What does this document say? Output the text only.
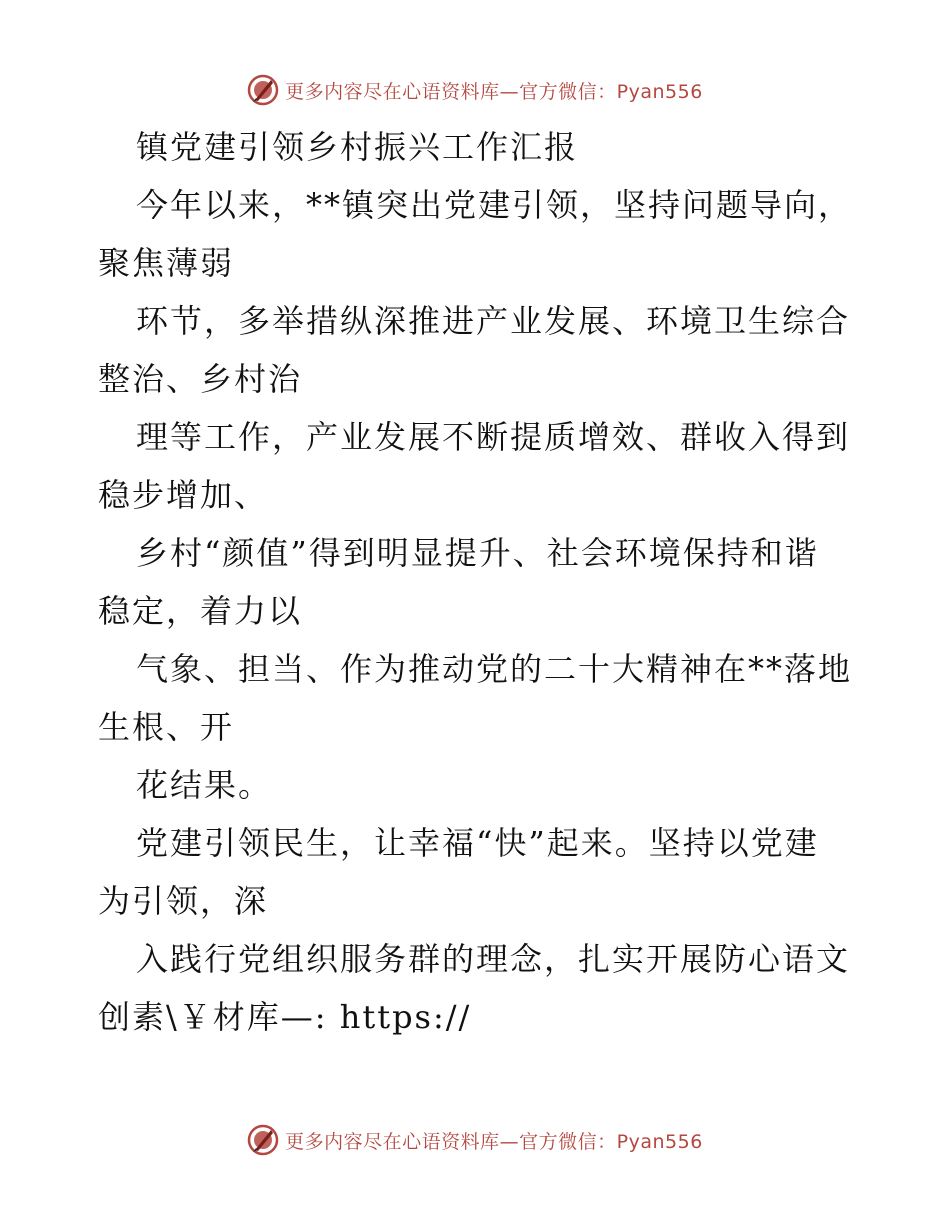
更多内容尽在心语资料库—官方微信：Pyan556

镇党建引领乡村振兴工作汇报

今年以来，**镇突出党建引领，坚持问题导向，

聚焦薄弱

环节，多举措纵深推进产业发展、环境卫生综合

整治、乡村治

理等工作，产业发展不断提质增效、群收入得到

稳步增加、

乡村“颜值”得到明显提升、社会环境保持和谐

稳定，着力以

气象、担当、作为推动党的二十大精神在**落地

生根、开

花结果。

党建引领民生，让幸福“快”起来。坚持以党建

为引领，深

入践行党组织服务群的理念，扎实开展防心语文

创素\￥材库—: https://

更多内容尽在心语资料库—官方微信：Pyan556
